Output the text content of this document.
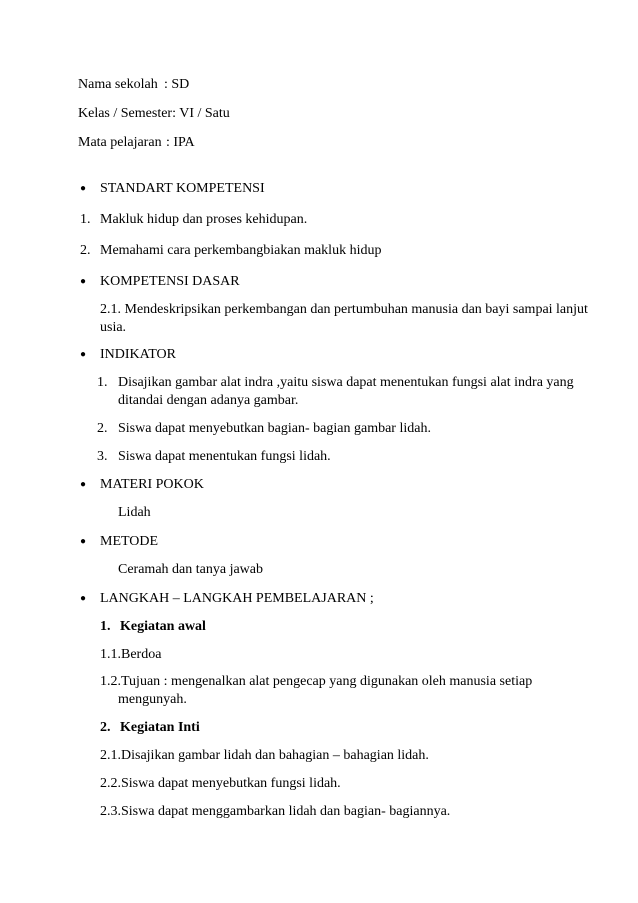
Nama sekolah : SD
Kelas / Semester: VI / Satu
Mata pelajaran : IPA
● STANDART KOMPETENSI
1. Makluk hidup dan proses kehidupan.
2. Memahami cara perkembangbiakan makluk hidup
● KOMPETENSI DASAR
2.1. Mendeskripsikan perkembangan dan pertumbuhan manusia dan bayi sampai lanjut
usia.
● INDIKATOR
1. Disajikan gambar alat indra ,yaitu siswa dapat menentukan fungsi alat indra yang
ditandai dengan adanya gambar.
2. Siswa dapat menyebutkan bagian- bagian gambar lidah.
3. Siswa dapat menentukan fungsi lidah.
● MATERI POKOK
Lidah
● METODE
Ceramah dan tanya jawab
● LANGKAH – LANGKAH PEMBELAJARAN ;
1. Kegiatan awal
1.1.Berdoa
1.2.Tujuan : mengenalkan alat pengecap yang digunakan oleh manusia setiap
mengunyah.
2. Kegiatan Inti
2.1.Disajikan gambar lidah dan bahagian – bahagian lidah.
2.2.Siswa dapat menyebutkan fungsi lidah.
2.3.Siswa dapat menggambarkan lidah dan bagian- bagiannya.
